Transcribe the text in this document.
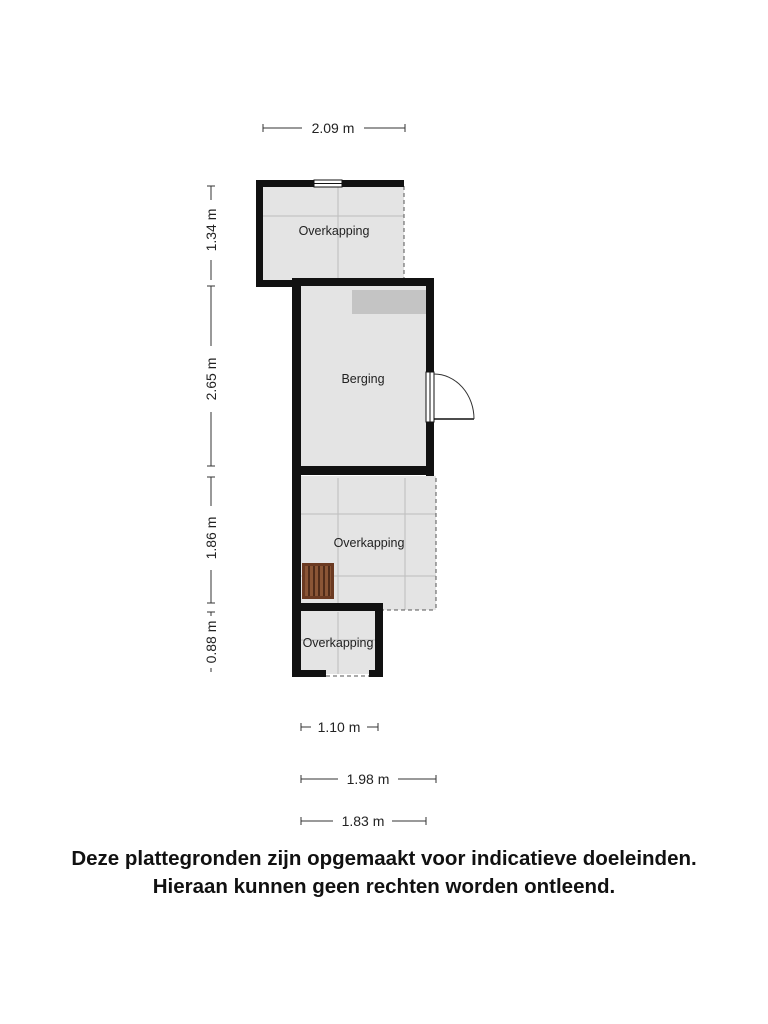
Overkapping
Berging
Overkapping
Overkapping
2.09 m
1.10 m
1.98 m
1.83 m
1.34 m
2.65 m
1.86 m
0.88 m
Deze plattegronden zijn opgemaakt voor indicatieve doeleinden.
Hieraan kunnen geen rechten worden ontleend.
